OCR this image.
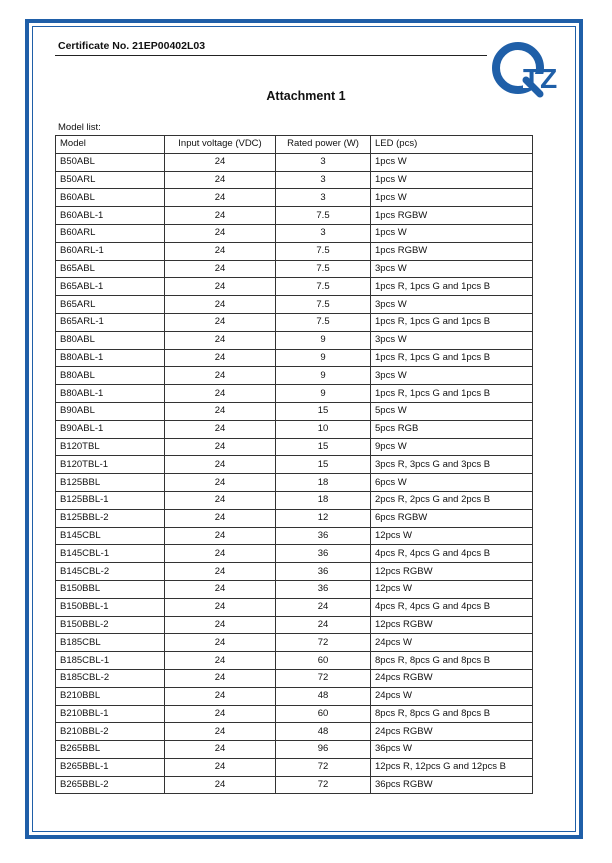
Certificate No. 21EP00402L03
TZ
Attachment 1
Model list:
Model	Input voltage (VDC)	Rated power (W)	LED (pcs)
B50ABL	24	3	1pcs W
B50ARL	24	3	1pcs W
B60ABL	24	3	1pcs W
B60ABL-1	24	7.5	1pcs RGBW
B60ARL	24	3	1pcs W
B60ARL-1	24	7.5	1pcs RGBW
B65ABL	24	7.5	3pcs W
B65ABL-1	24	7.5	1pcs R, 1pcs G and 1pcs B
B65ARL	24	7.5	3pcs W
B65ARL-1	24	7.5	1pcs R, 1pcs G and 1pcs B
B80ABL	24	9	3pcs W
B80ABL-1	24	9	1pcs R, 1pcs G and 1pcs B
B80ABL	24	9	3pcs W
B80ABL-1	24	9	1pcs R, 1pcs G and 1pcs B
B90ABL	24	15	5pcs W
B90ABL-1	24	10	5pcs RGB
B120TBL	24	15	9pcs W
B120TBL-1	24	15	3pcs R, 3pcs G and 3pcs B
B125BBL	24	18	6pcs W
B125BBL-1	24	18	2pcs R, 2pcs G and 2pcs B
B125BBL-2	24	12	6pcs RGBW
B145CBL	24	36	12pcs W
B145CBL-1	24	36	4pcs R, 4pcs G and 4pcs B
B145CBL-2	24	36	12pcs RGBW
B150BBL	24	36	12pcs W
B150BBL-1	24	24	4pcs R, 4pcs G and 4pcs B
B150BBL-2	24	24	12pcs RGBW
B185CBL	24	72	24pcs W
B185CBL-1	24	60	8pcs R, 8pcs G and 8pcs B
B185CBL-2	24	72	24pcs RGBW
B210BBL	24	48	24pcs W
B210BBL-1	24	60	8pcs R, 8pcs G and 8pcs B
B210BBL-2	24	48	24pcs RGBW
B265BBL	24	96	36pcs W
B265BBL-1	24	72	12pcs R, 12pcs G and 12pcs B
B265BBL-2	24	72	36pcs RGBW
